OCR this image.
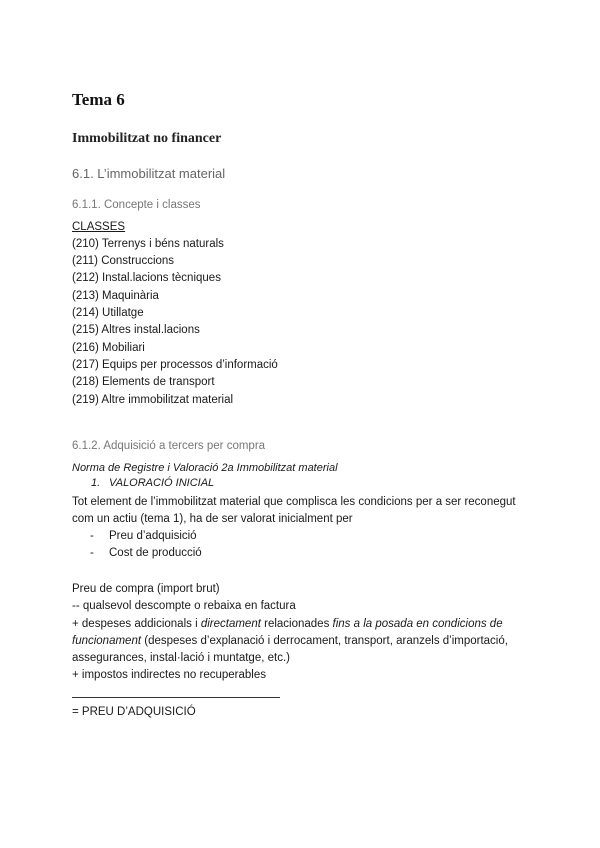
Tema 6
Immobilitzat no financer
6.1. L’immobilitzat material
6.1.1. Concepte i classes
CLASSES
(210) Terrenys i béns naturals
(211) Construccions
(212) Instal.lacions tècniques
(213) Maquinària
(214) Utillatge
(215) Altres instal.lacions
(216) Mobiliari
(217) Equips per processos d’informació
(218) Elements de transport
(219) Altre immobilitzat material
6.1.2. Adquisició a tercers per compra
Norma de Registre i Valoració 2a Immobilitzat material
1. VALORACIÓ INICIAL
Tot element de l’immobilitzat material que complisca les condicions per a ser reconegut
com un actiu (tema 1), ha de ser valorat inicialment per
- Preu d’adquisició
- Cost de producció
Preu de compra (import brut)
-- qualsevol descompte o rebaixa en factura
+ despeses addicionals i directament relacionades fins a la posada en condicions de
funcionament (despeses d’explanació i derrocament, transport, aranzels d’importació,
assegurances, instal·lació i muntatge, etc.)
+ impostos indirectes no recuperables
= PREU D’ADQUISICIÓ
